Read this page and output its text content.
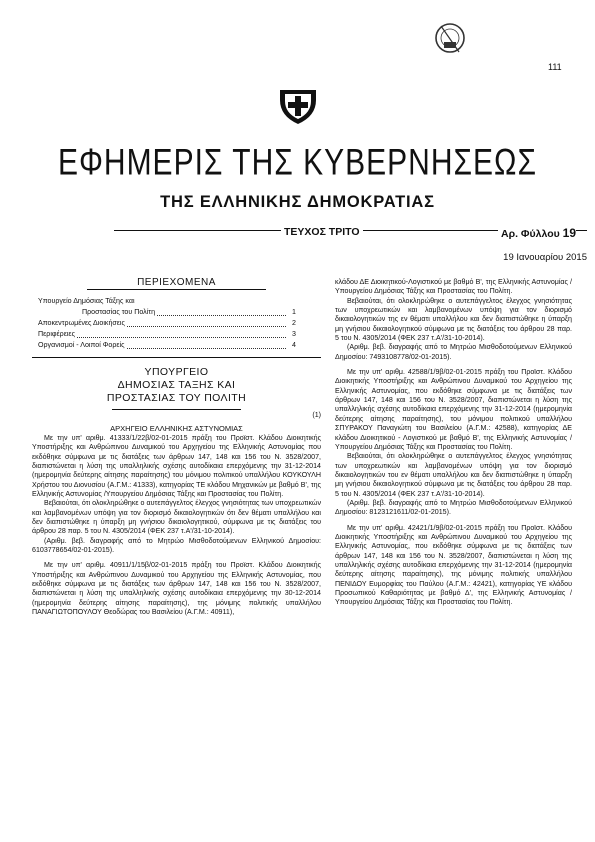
111
ΕΦΗΜΕΡΙΣ ΤΗΣ ΚΥΒΕΡΝΗΣΕΩΣ
ΤΗΣ ΕΛΛΗΝΙΚΗΣ ΔΗΜΟΚΡΑΤΙΑΣ
ΤΕΥΧΟΣ ΤΡΙΤΟ	Αρ. Φύλλου 19
19 Ιανουαρίου 2015
ΠΕΡΙΕΧΟΜΕΝΑ
Υπουργείο Δημόσιας Τάξης και
Προστασίας του Πολίτη	1
Αποκεντρωμένες Διοικήσεις	2
Περιφέρειες	3
Οργανισμοί - Λοιποί Φορείς	4
ΥΠΟΥΡΓΕΙΟ
ΔΗΜΟΣΙΑΣ ΤΑΞΗΣ ΚΑΙ
ΠΡΟΣΤΑΣΙΑΣ ΤΟΥ ΠΟΛΙΤΗ
(1)
ΑΡΧΗΓΕΙΟ ΕΛΛΗΝΙΚΗΣ ΑΣΤΥΝΟΜΙΑΣ

Με την υπ' αριθμ. 41333/1/22β/02-01-2015 πράξη του Προϊστ. Κλάδου Διοικητικής Υποστήριξης και Ανθρώπινου Δυναμικού του Αρχηγείου της Ελληνικής Αστυνομίας που εκδόθηκε σύμφωνα με τις διατάξεις των άρθρων 147, 148 και 156 του Ν. 3528/2007, διαπιστώνεται η λύση της υπαλληλικής σχέσης αυτοδίκαια επερχόμενης την 31-12-2014 (ημερομηνία δεύτερης αίτησης παραίτησης) του μόνιμου πολιτικού υπαλλήλου ΚΟΥΚΟΥΛΗ Χρήστου του Διονυσίου (Α.Γ.Μ.: 41333), κατηγορίας ΤΕ κλάδου Μηχανικών με βαθμό Β', της Ελληνικής Αστυνομίας /Υπουργείου Δημόσιας Τάξης και Προστασίας του Πολίτη.

Βεβαιούται, ότι ολοκληρώθηκε ο αυτεπάγγελτος έλεγχος γνησιότητας των υποχρεωτικών και λαμβανομένων υπόψη για τον διορισμό δικαιολογητικών ότι δεν θέματι υπαλλήλου και δεν διαπιστώθηκε η ύπαρξη μη γνήσιου δικαιολογητικού, σύμφωνα με τις διατάξεις του άρθρου 28 παρ. 5 του Ν. 4305/2014 (ΦΕΚ 237 τ.Α'/31-10-2014).

(Αριθμ. βεβ. διαγραφής από το Μητρώο Μισθοδοτούμενων Ελληνικού Δημοσίου: 6103778654/02-01-2015).

Με την υπ' αριθμ. 40911/1/15β/02-01-2015 πράξη του Προϊστ. Κλάδου Διοικητικής Υποστήριξης και Ανθρώπινου Δυναμικού του Αρχηγείου της Ελληνικής Αστυνομίας, που εκδόθηκε σύμφωνα με τις διατάξεις των άρθρων 147, 148 και 156 του Ν. 3528/2007, διαπιστώνεται η λύση της υπαλληλικής σχέσης αυτοδίκαια επερχόμενης την 30-12-2014 (ημερομηνία δεύτερης αίτησης παραίτησης), της μόνιμης πολιτικής υπαλλήλου ΠΑΝΑΓΙΩΤΟΠΟΥΛΟΥ Θεοδώρας του Βασιλείου (Α.Γ.Μ.: 40911),

κλάδου ΔΕ Διοικητικού-Λογιστικού με βαθμό Β', της Ελληνικής Αστυνομίας /Υπουργείου Δημόσιας Τάξης και Προστασίας του Πολίτη.

Βεβαιούται, ότι ολοκληρώθηκε ο αυτεπάγγελτος έλεγχος γνησιότητας των υποχρεωτικών και λαμβανομένων υπόψη για τον διορισμό δικαιολογητικών της εν θέματι υπαλλήλου και δεν διαπιστώθηκε η ύπαρξη μη γνήσιου δικαιολογητικού σύμφωνα με τις διατάξεις του άρθρου 28 παρ. 5 του Ν. 4305/2014 (ΦΕΚ 237 τ.Α'/31-10-2014).

(Αριθμ. βεβ. διαγραφής από το Μητρώο Μισθοδοτούμενων Ελληνικού Δημοσίου: 7493108778/02-01-2015).

Με την υπ' αριθμ. 42588/1/9β/02-01-2015 πράξη του Προϊστ. Κλάδου Διοικητικής Υποστήριξης και Ανθρώπινου Δυναμικού του Αρχηγείου της Ελληνικής Αστυνομίας, που εκδόθηκε σύμφωνα με τις διατάξεις των άρθρων 147, 148 και 156 του Ν. 3528/2007, διαπιστώνεται η λύση της υπαλληλικής σχέσης αυτοδίκαια επερχόμενης την 31-12-2014 (ημερομηνία δεύτερης αίτησης παραίτησης), του μόνιμου πολιτικού υπαλλήλου ΣΠΥΡΑΚΟΥ Παναγιώτη του Βασιλείου (Α.Γ.Μ.: 42588), κατηγορίας ΔΕ κλάδου Διοικητικού - Λογιστικού με βαθμό Β', της Ελληνικής Αστυνομίας /Υπουργείου Δημόσιας Τάξης και Προστασίας του Πολίτη.

Βεβαιούται, ότι ολοκληρώθηκε ο αυτεπάγγελτος έλεγχος γνησιότητας των υποχρεωτικών και λαμβανομένων υπόψη για τον διορισμό δικαιολογητικών του εν θέματι υπαλλήλου και δεν διαπιστώθηκε η ύπαρξη μη γνήσιου δικαιολογητικού σύμφωνα με τις διατάξεις του άρθρου 28 παρ. 5 του Ν. 4305/2014 (ΦΕΚ 237 τ.Α'/31-10-2014).

(Αριθμ. βεβ. διαγραφής από το Μητρώο Μισθοδοτούμενων Ελληνικού Δημοσίου: 8123121611/02-01-2015).

Με την υπ' αριθμ. 42421/1/9β/02-01-2015 πράξη του Προϊστ. Κλάδου Διοικητικής Υποστήριξης και Ανθρώπινου Δυναμικού του Αρχηγείου της Ελληνικής Αστυνομίας, που εκδόθηκε σύμφωνα με τις διατάξεις των άρθρων 147, 148 και 156 του Ν. 3528/2007, διαπιστώνεται η λύση της υπαλληλικής σχέσης αυτοδίκαια επερχόμενης την 31-12-2014 (ημερομηνία δεύτερης αίτησης παραίτησης), της μόνιμης πολιτικής υπαλλήλου ΠΕΝΙΔΟΥ Ευμορφίας του Παύλου (Α.Γ.Μ.: 42421), κατηγορίας ΥΕ κλάδου Προσωπικού Καθαριότητας με βαθμό Δ', της Ελληνικής Αστυνομίας /Υπουργείου Δημόσιας Τάξης και Προστασίας του Πολίτη.
